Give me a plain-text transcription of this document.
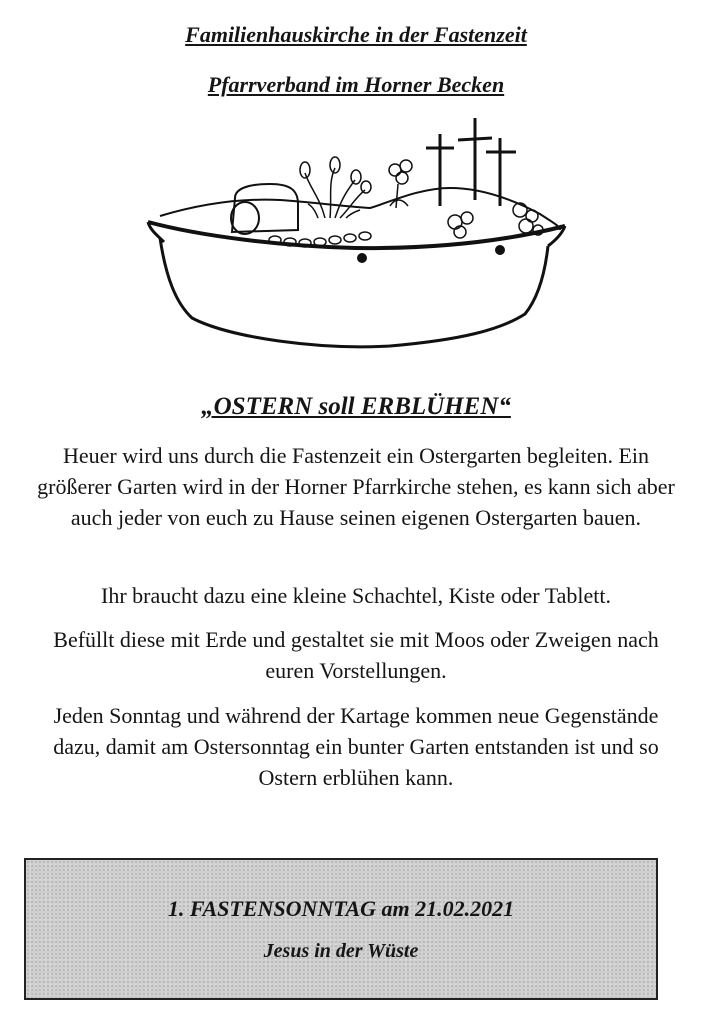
Familienhauskirche in der Fastenzeit
Pfarrverband im Horner Becken
„OSTERN soll ERBLÜHEN“

Heuer wird uns durch die Fastenzeit ein Ostergarten begleiten. Ein größerer Garten wird in der Horner Pfarrkirche stehen, es kann sich aber auch jeder von euch zu Hause seinen eigenen Ostergarten bauen.

Ihr braucht dazu eine kleine Schachtel, Kiste oder Tablett.

Befüllt diese mit Erde und gestaltet sie mit Moos oder Zweigen nach euren Vorstellungen.

Jeden Sonntag und während der Kartage kommen neue Gegenstände dazu, damit am Ostersonntag ein bunter Garten entstanden ist und so Ostern erblühen kann.

1. FASTENSONNTAG am 21.02.2021

Jesus in der Wüste
